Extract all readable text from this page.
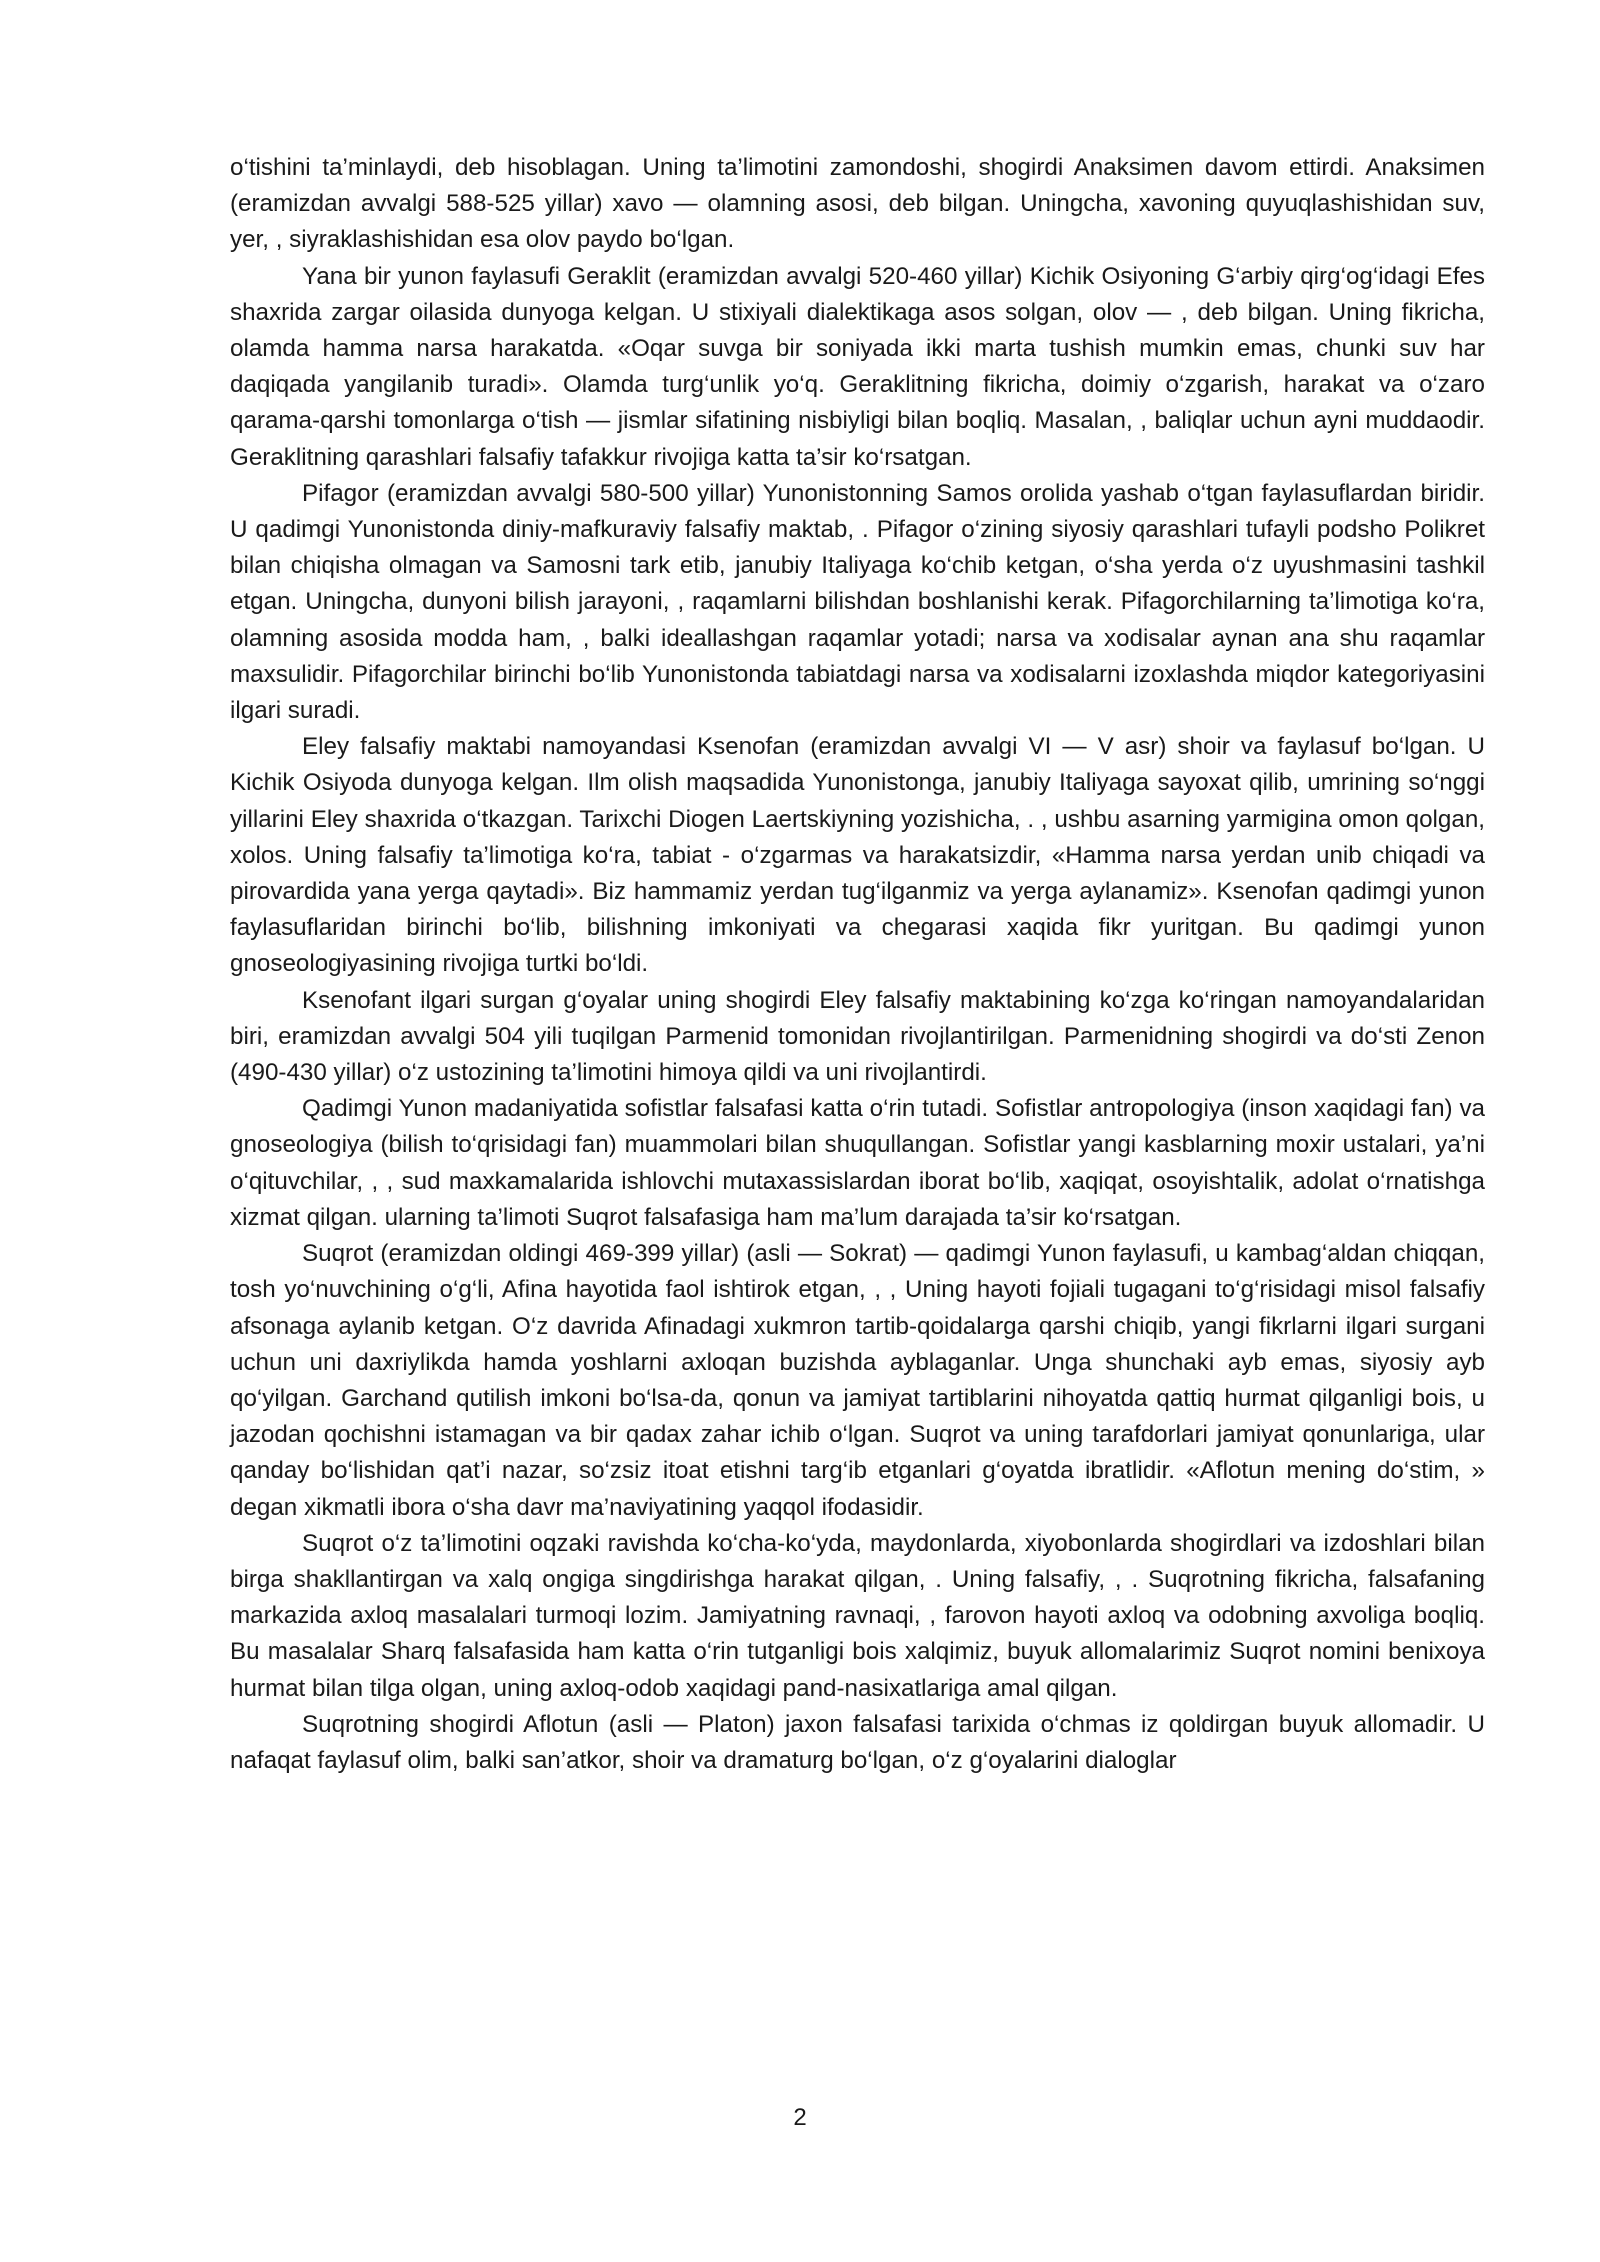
o‘tishini ta’minlaydi, deb hisoblagan. Uning ta’limotini zamondoshi, shogirdi Anaksimen davom ettirdi. Anaksimen (eramizdan avvalgi 588-525 yillar) xavo — olamning asosi, deb bilgan. Uningcha, xavoning quyuqlashishidan suv, yer, , siyraklashishidan esa olov paydo bo‘lgan.

Yana bir yunon faylasufi Geraklit (eramizdan avvalgi 520-460 yillar) Kichik Osiyoning G‘arbiy qirg‘og‘idagi Efes shaxrida zargar oilasida dunyoga kelgan. U stixiyali dialektikaga asos solgan, olov — , deb bilgan. Uning fikricha, olamda hamma narsa harakatda. «Oqar suvga bir soniyada ikki marta tushish mumkin emas, chunki suv har daqiqada yangilanib turadi». Olamda turg‘unlik yo‘q. Geraklitning fikricha, doimiy o‘zgarish, harakat va o‘zaro qarama-qarshi tomonlarga o‘tish — jismlar sifatining nisbiyligi bilan boqliq. Masalan, , baliqlar uchun ayni muddaodir. Geraklitning qarashlari falsafiy tafakkur rivojiga katta ta’sir ko‘rsatgan.

Pifagor (eramizdan avvalgi 580-500 yillar) Yunonistonning Samos orolida yashab o‘tgan faylasuflardan biridir. U qadimgi Yunonistonda diniy-mafkuraviy falsafiy maktab, . Pifagor o‘zining siyosiy qarashlari tufayli podsho Polikret bilan chiqisha olmagan va Samosni tark etib, janubiy Italiyaga ko‘chib ketgan, o‘sha yerda o‘z uyushmasini tashkil etgan. Uningcha, dunyoni bilish jarayoni, , raqamlarni bilishdan boshlanishi kerak. Pifagorchilarning ta’limotiga ko‘ra, olamning asosida modda ham, , balki ideallashgan raqamlar yotadi; narsa va xodisalar aynan ana shu raqamlar maxsulidir. Pifagorchilar birinchi bo‘lib Yunonistonda tabiatdagi narsa va xodisalarni izoxlashda miqdor kategoriyasini ilgari suradi.

Eley falsafiy maktabi namoyandasi Ksenofan (eramizdan avvalgi VI — V asr) shoir va faylasuf bo‘lgan. U Kichik Osiyoda dunyoga kelgan. Ilm olish maqsadida Yunonistonga, janubiy Italiyaga sayoxat qilib, umrining so‘nggi yillarini Eley shaxrida o‘tkazgan. Tarixchi Diogen Laertskiyning yozishicha, . , ushbu asarning yarmigina omon qolgan, xolos. Uning falsafiy ta’limotiga ko‘ra, tabiat - o‘zgarmas va harakatsizdir, «Hamma narsa yerdan unib chiqadi va pirovardida yana yerga qaytadi». Biz hammamiz yerdan tug‘ilganmiz va yerga aylanamiz». Ksenofan qadimgi yunon faylasuflaridan birinchi bo‘lib, bilishning imkoniyati va chegarasi xaqida fikr yuritgan. Bu qadimgi yunon gnoseologiyasining rivojiga turtki bo‘ldi.

Ksenofant ilgari surgan g‘oyalar uning shogirdi Eley falsafiy maktabining ko‘zga ko‘ringan namoyandalaridan biri, eramizdan avvalgi 504 yili tuqilgan Parmenid tomonidan rivojlantirilgan. Parmenidning shogirdi va do‘sti Zenon (490-430 yillar) o‘z ustozining ta’limotini himoya qildi va uni rivojlantirdi.

Qadimgi Yunon madaniyatida sofistlar falsafasi katta o‘rin tutadi. Sofistlar antropologiya (inson xaqidagi fan) va gnoseologiya (bilish to‘qrisidagi fan) muammolari bilan shuqullangan. Sofistlar yangi kasblarning moxir ustalari, ya’ni o‘qituvchilar, , , sud maxkamalarida ishlovchi mutaxassislardan iborat bo‘lib, xaqiqat, osoyishtalik, adolat o‘rnatishga xizmat qilgan. ularning ta’limoti Suqrot falsafasiga ham ma’lum darajada ta’sir ko‘rsatgan.

Suqrot (eramizdan oldingi 469-399 yillar) (asli — Sokrat) — qadimgi Yunon faylasufi, u kambag‘aldan chiqqan, tosh yo‘nuvchining o‘g‘li, Afina hayotida faol ishtirok etgan, , , Uning hayoti fojiali tugagani to‘g‘risidagi misol falsafiy afsonaga aylanib ketgan. O‘z davrida Afinadagi xukmron tartib-qoidalarga qarshi chiqib, yangi fikrlarni ilgari surgani uchun uni daxriylikda hamda yoshlarni axloqan buzishda ayblaganlar. Unga shunchaki ayb emas, siyosiy ayb qo‘yilgan. Garchand qutilish imkoni bo‘lsa-da, qonun va jamiyat tartiblarini nihoyatda qattiq hurmat qilganligi bois, u jazodan qochishni istamagan va bir qadax zahar ichib o‘lgan. Suqrot va uning tarafdorlari jamiyat qonunlariga, ular qanday bo‘lishidan qat’i nazar, so‘zsiz itoat etishni targ‘ib etganlari g‘oyatda ibratlidir. «Aflotun mening do‘stim, » degan xikmatli ibora o‘sha davr ma’naviyatining yaqqol ifodasidir.

Suqrot o‘z ta’limotini oqzaki ravishda ko‘cha-ko‘yda, maydonlarda, xiyobonlarda shogirdlari va izdoshlari bilan birga shakllantirgan va xalq ongiga singdirishga harakat qilgan, . Uning falsafiy, , . Suqrotning fikricha, falsafaning markazida axloq masalalari turmoqi lozim. Jamiyatning ravnaqi, , farovon hayoti axloq va odobning axvoliga boqliq. Bu masalalar Sharq falsafasida ham katta o‘rin tutganligi bois xalqimiz, buyuk allomalarimiz Suqrot nomini benixoya hurmat bilan tilga olgan, uning axloq-odob xaqidagi pand-nasixatlariga amal qilgan.

Suqrotning shogirdi Aflotun (asli — Platon) jaxon falsafasi tarixida o‘chmas iz qoldirgan buyuk allomadir. U nafaqat faylasuf olim, balki san’atkor, shoir va dramaturg bo‘lgan, o‘z g‘oyalarini dialoglar

2
